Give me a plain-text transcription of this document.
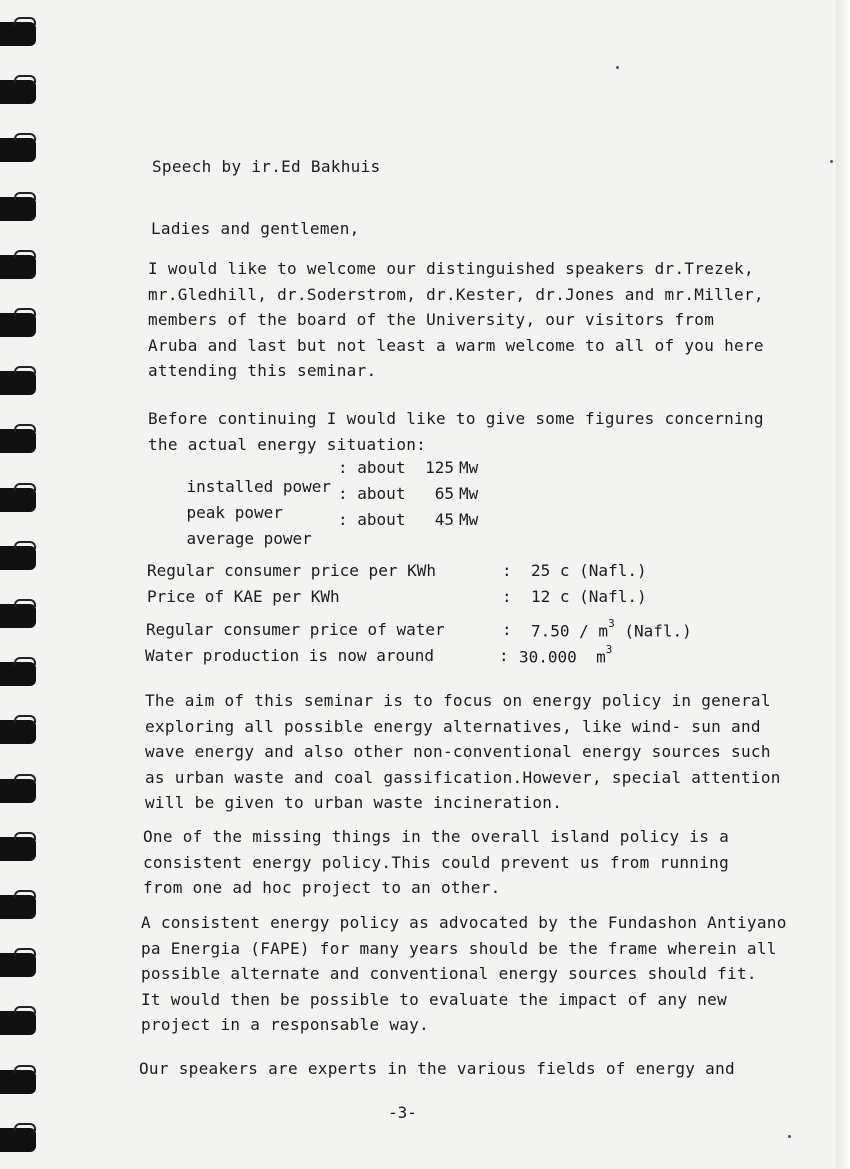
Speech by ir.Ed Bakhuis
Ladies and gentlemen,
I would like to welcome our distinguished speakers dr.Trezek,
mr.Gledhill, dr.Soderstrom, dr.Kester, dr.Jones and mr.Miller,
members of the board of the University, our visitors from
Aruba and last but not least a warm welcome to all of you here
attending this seminar.
Before continuing I would like to give some figures concerning
the actual energy situation:

installed power

: about	125 Mw

peak power

: about	65 Mw

average power

: about	45 Mw
Regular consumer price per KWh	: 25 c (Nafl.)
Price of KAE per KWh	: 12 c (Nafl.)
Regular consumer price of water	: $7.50 / m^3$ (Nafl.)
Water production is now around	: 30.000  $m^3$
The aim of this seminar is to focus on energy policy in general
exploring all possible energy alternatives, like wind- sun and
wave energy and also other non-conventional energy sources such
as urban waste and coal gassification.However, special attention
will be given to urban waste incineration.
One of the missing things in the overall island policy is a
consistent energy policy.This could prevent us from running
from one ad hoc project to an other.
A consistent energy policy as advocated by the Fundashon Antiyano
pa Energia (FAPE) for many years should be the frame wherein all
possible alternate and conventional energy sources should fit.
It would then be possible to evaluate the impact of any new
project in a responsable way.
Our speakers are experts in the various fields of energy and
-3-
